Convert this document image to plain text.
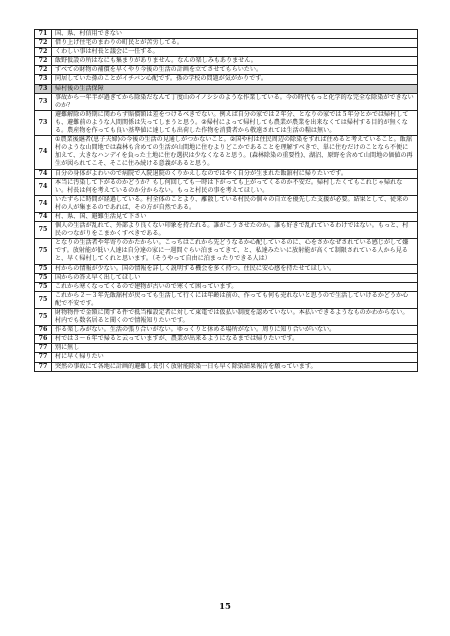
71	国、県、村信用できない
72	借り上げ住宅のまわりの町民とが苦労してる。
72	くわしい事は村長と議会に一任する。
72	飯野仮設の所はなにも集まりがありません。なんの楽しみもありません。
72	すべての財物の補償を早くやり今後の生活の計画を立てさせてもらいたい。
73	同居していた孫のことがイチバン心配です。孫の学校の問題が気がかりです。
73	帰村後の生活保障
73	事故から一年半が過ぎてから除染だなんて丁度山のイノシシのような作業している。今の時代もっと化学的な完全な除染ができないのか？
73	避難解除の時期に関わらず賠償額は差をつけるべきでない。例えば自分の家では２年分、となりの家では５年分とかでは帰村しても、避難前のような人間関係は失ってしまうと思う。②帰村によって帰村しても農業が農業を出来なくては帰村する目的が無くなる。農産物を作っても良い基準値に達しても出荷した作物を消費者から敬遠されては生活の糧は無い。
74	①農業後継者(息子夫婦)の今後の生活の見通しがつかないこと。②国や村は住民周辺の除染をすれば住めると考えていること。飯舘村のような山間地では森林も含めての生活が山間地に住むよりどこかであることを理解すべきで、単に住むだけのことなら不便に加えて、大きなハンデイを負った土地に住む選択は少なくなると思う。(森林除染の重要性)、湖沼、原野を含めて山間地の価値の再生が図られてこそ、そこに住み続ける意義があると思う。
74	自分の身体がよわいので病院で入院退院のくりかえしなのではやく自分が生まれた飯舘村に帰りたいです。
74	本当に汚染して下がるのかどうか？もし何回しても一時は下がっても上がってくるのか不安だ。帰村したくてもこれじゃ帰れない。村長は何を考えているのか分からない。もっと村民の事を考えてほしい。
74	いたずらに時間が経過している。村全体のことより、離散している村民の個々の自立を優先した支援が必要。結果として、従来の村の人が集まるのであれば、その方が自然である。
74	村、県、国、避難生活見て下さい
75	個人の生活が乱れて、外部より良くない印象を持たれる。誰がこうさせたのか。誰も好きで乱れているわけではない。もっと、村民のつながりをこまかくすべきである。
75	となりの生活者や年寄りのかたからい。こっちはこれから先どうなるか心配しているのに、心をさかなぜされている感じがして嫌です。放射能が低い人達は自分達の家に一週間ぐらい泊まってきて、と、私達みたいに放射能が高くて制限されている人から見ると、早く帰村してくれと思います。（そうやって自由に泊まったりできる人は）
75	村からの情報が少ない。国の情報を詳しく説明する機会を多く持つ。住民に安心感を持たせてほしい。
75	国からの答え早く出してほしい
75	これから寒くなってくるので建物が古いので寒くて困っています。
75	これから２～３年先飯舘村が戻っても生活して行くには年齢は前の、作っても何も売れないと思うので生活していけるかどうか心配で不安です。
75	財物物件で金額に関する件で抵当権設定者に対して東電では仮払い制度を認めていない。本払いできるようなものかわからない。村内でも数名居ると聞くので情報知りたいです。
76	作る楽しみがない。生活の張り合いがない。ゆっくりと休める場所がない。周りに知り合いがいない。
76	村では３～６年で帰ると云っていますが、農業が出来るようになるまでは帰りたいです。
77	別に無し
77	村に早く帰りたい
77	突然の事故にて各地に計画的避難し長引く放射能除染一日も早く除染結果報告を願っています。
15
